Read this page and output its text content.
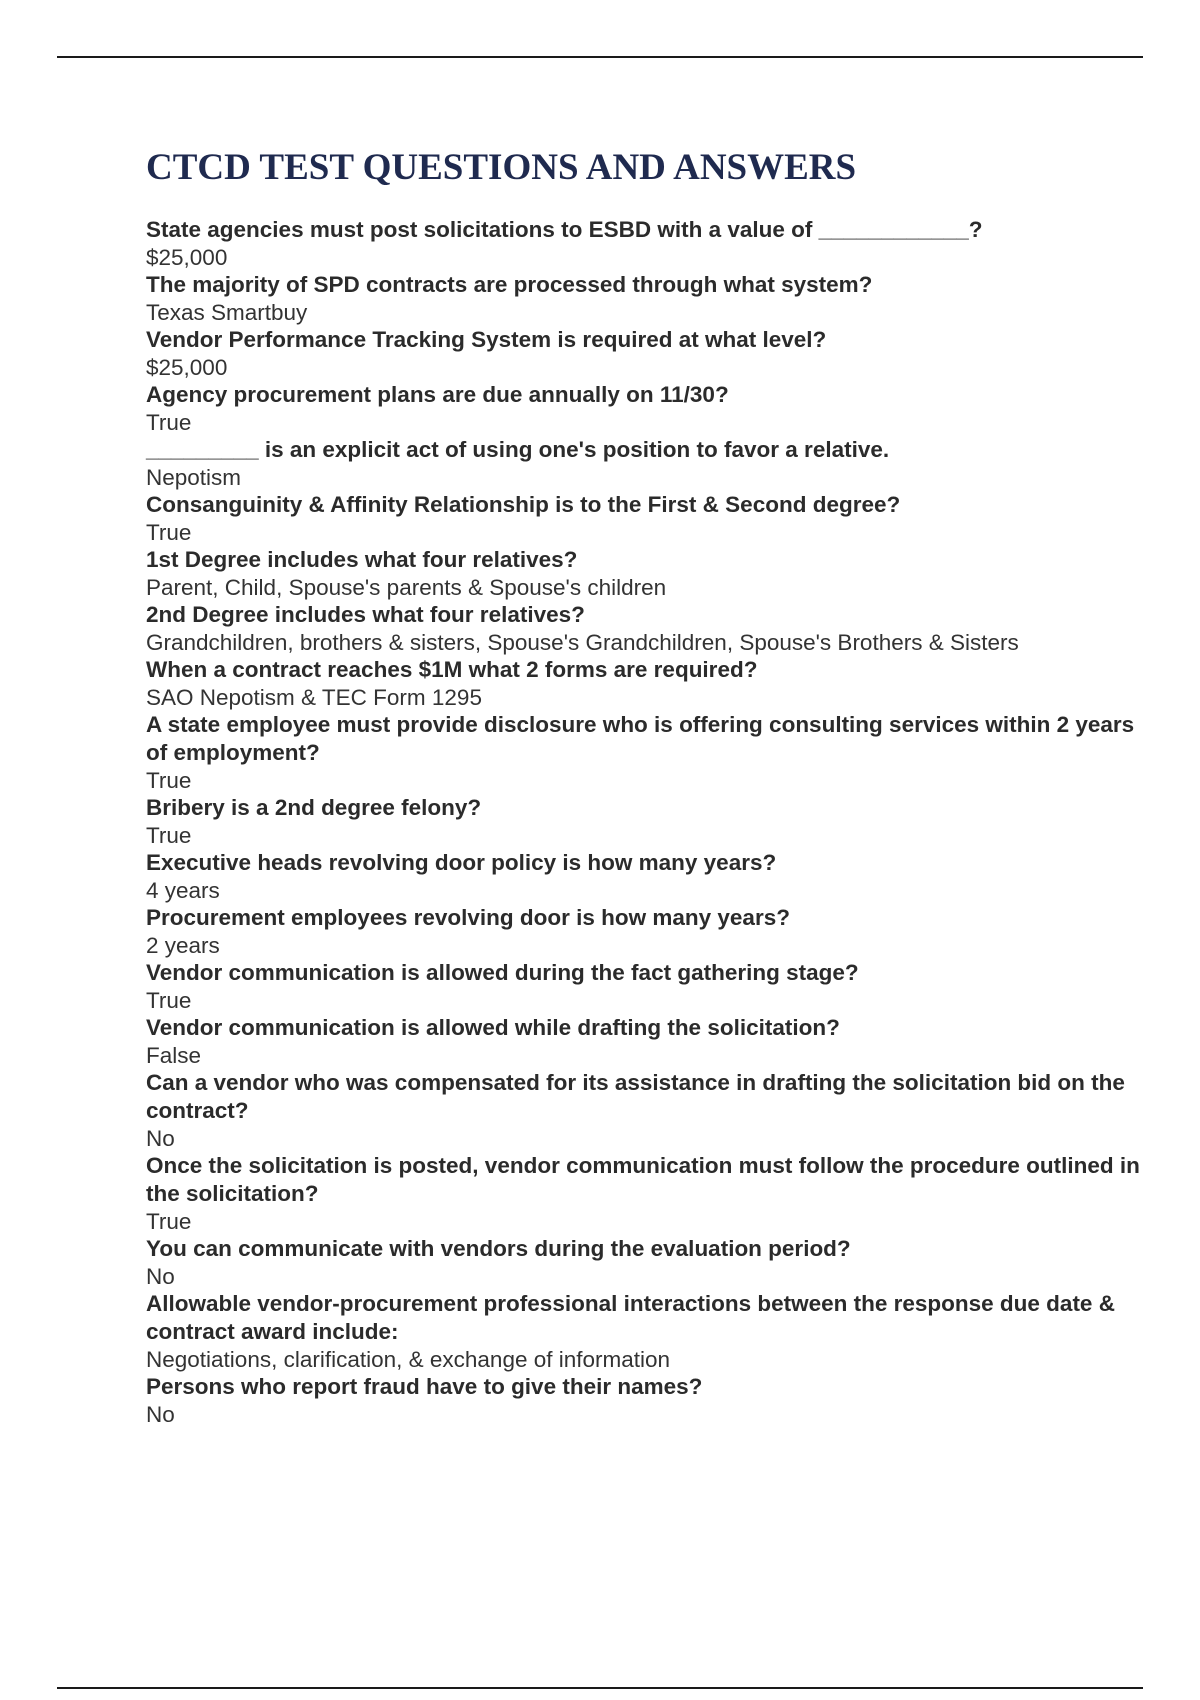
CTCD TEST QUESTIONS AND ANSWERS
State agencies must post solicitations to ESBD with a value of ____________?
$25,000
The majority of SPD contracts are processed through what system?
Texas Smartbuy
Vendor Performance Tracking System is required at what level?
$25,000
Agency procurement plans are due annually on 11/30?
True
_________ is an explicit act of using one's position to favor a relative.
Nepotism
Consanguinity & Affinity Relationship is to the First & Second degree?
True
1st Degree includes what four relatives?
Parent, Child, Spouse's parents & Spouse's children
2nd Degree includes what four relatives?
Grandchildren, brothers & sisters, Spouse's Grandchildren, Spouse's Brothers & Sisters
When a contract reaches $1M what 2 forms are required?
SAO Nepotism & TEC Form 1295
A state employee must provide disclosure who is offering consulting services within 2 years of employment?
True
Bribery is a 2nd degree felony?
True
Executive heads revolving door policy is how many years?
4 years
Procurement employees revolving door is how many years?
2 years
Vendor communication is allowed during the fact gathering stage?
True
Vendor communication is allowed while drafting the solicitation?
False
Can a vendor who was compensated for its assistance in drafting the solicitation bid on the contract?
No
Once the solicitation is posted, vendor communication must follow the procedure outlined in the solicitation?
True
You can communicate with vendors during the evaluation period?
No
Allowable vendor-procurement professional interactions between the response due date & contract award include:
Negotiations, clarification, & exchange of information
Persons who report fraud have to give their names?
No
